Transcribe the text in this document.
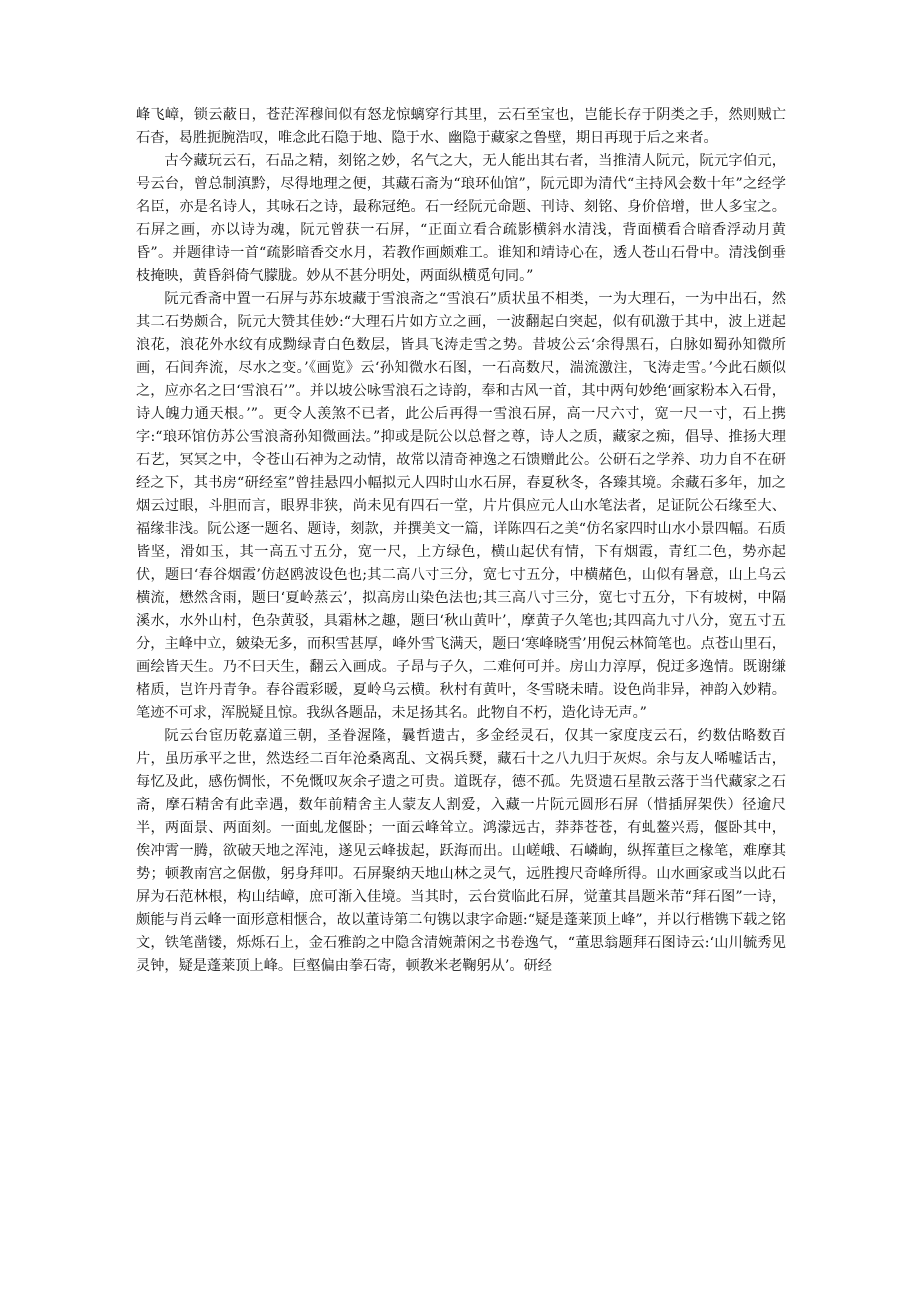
峰飞嶂，锁云蔽日，苍茫浑穆间似有怒龙惊螭穿行其里，云石至宝也，岂能长存于阴类之手，然则贼亡石杳，曷胜扼腕浩叹，唯念此石隐于地、隐于水、幽隐于藏家之鲁壁，期日再现于后之来者。

古今藏玩云石，石品之精，刻铭之妙，名气之大，无人能出其右者，当推清人阮元，阮元字伯元，号云台，曾总制滇黔，尽得地理之便，其藏石斋为“琅环仙馆”，阮元即为清代“主持风会数十年”之经学名臣，亦是名诗人，其咏石之诗，最称冠绝。石一经阮元命题、刊诗、刻铭、身价倍增，世人多宝之。石屏之画，亦以诗为魂，阮元曾获一石屏，“正面立看合疏影横斜水清浅，背面横看合暗香浮动月黄昏”。并题律诗一首“疏影暗香交水月，若教作画颇难工。谁知和靖诗心在，透人苍山石骨中。清浅倒垂枝掩映，黄昏斜倚气朦胧。妙从不甚分明处，两面纵横觅句同。”

阮元香斋中置一石屏与苏东坡藏于雪浪斋之“雪浪石”质状虽不相类，一为大理石，一为中出石，然其二石势颇合，阮元大赞其佳妙:“大理石片如方立之画，一波翻起白突起，似有矶激于其中，波上迸起浪花，浪花外水纹有成黝绿青白色数层，皆具飞涛走雪之势。昔坡公云‘余得黑石，白脉如蜀孙知微所画，石间奔流，尽水之变。’《画览》云‘孙知微水石图，一石高数尺，湍流激注，飞涛走雪。’今此石颇似之，应亦名之曰‘雪浪石’”。并以坡公咏雪浪石之诗韵，奉和古风一首，其中两句妙绝‘画家粉本入石骨，诗人魄力通天根。’”。更令人羡煞不已者，此公后再得一雪浪石屏，高一尺六寸，宽一尺一寸，石上携字:“琅环馆仿苏公雪浪斋孙知微画法。”抑或是阮公以总督之尊，诗人之质，藏家之痴，倡导、推扬大理石艺，冥冥之中，令苍山石神为之动情，故常以清奇神逸之石馈赠此公。公研石之学养、功力自不在研经之下，其书房“研经室”曾挂悬四小幅拟元人四时山水石屏，春夏秋冬，各臻其境。余藏石多年，加之烟云过眼，斗胆而言，眼界非狭，尚未见有四石一堂，片片俱应元人山水笔法者，足证阮公石缘至大、福缘非浅。阮公逐一题名、题诗，刻款，并撰美文一篇，详陈四石之美“仿名家四时山水小景四幅。石质皆坚，滑如玉，其一高五寸五分，宽一尺，上方绿色，横山起伏有情，下有烟霞，青红二色，势亦起伏，题曰‘春谷烟霞’仿赵鸥波设色也;其二高八寸三分，宽七寸五分，中横赭色，山似有暑意，山上乌云横流，懋然含雨，题曰‘夏岭蒸云’，拟高房山染色法也;其三高八寸三分，宽七寸五分，下有坡树，中隔溪水，水外山村，色杂黄驳，具霜林之趣，题曰‘秋山黄叶’，摩黄子久笔也;其四高九寸八分，宽五寸五分，主峰中立，皴染无多，而积雪甚厚，峰外雪飞满天，题曰‘寒峰晓雪’用倪云林简笔也。点苍山里石，画绘皆天生。乃不曰天生，翻云入画成。子昂与子久，二难何可并。房山力淳厚，倪迂多逸情。既谢缣楮质，岂许丹青争。春谷霞彩暖，夏岭乌云横。秋村有黄叶，冬雪晓未晴。设色尚非异，神韵入妙精。笔迹不可求，浑脱疑且惊。我纵各题品，未足扬其名。此物自不朽，造化诗无声。”

阮云台宦历乾嘉道三朝，圣眷渥隆，曩哲遗古，多金经灵石，仅其一家度庋云石，约数估略数百片，虽历承平之世，然迭经二百年沧桑离乱、文祸兵燹，藏石十之八九归于灰烬。余与友人唏嘘话古，每忆及此，感伤惆怅，不免慨叹灰余孑遗之可贵。道既存，德不孤。先贤遗石星散云落于当代藏家之石斋，摩石精舍有此幸遇，数年前精舍主人蒙友人割爱，入藏一片阮元圆形石屏（惜插屏架佚）径逾尺半，两面景、两面刻。一面虬龙偃卧；一面云峰耸立。鸿濛远古，莽莽苍苍，有虬鳌兴焉，偃卧其中，俟冲霄一腾，欲破天地之浑沌，遂见云峰拔起，跃海而出。山嵯峨、石嶙峋，纵挥董巨之椽笔，难摩其势；顿教南宫之倨傲，躬身拜叩。石屏聚纳天地山林之灵气，远胜搜尺奇峰所得。山水画家或当以此石屏为石范林根，构山结嶂，庶可渐入佳境。当其时，云台赏临此石屏，觉董其昌题米芾“拜石图”一诗，颇能与肖云峰一面形意相惬合，故以董诗第二句镌以隶字命题:“疑是蓬莱顶上峰”，并以行楷镌下载之铭文，铁笔凿镂，烁烁石上，金石雅韵之中隐含清婉萧闲之书卷逸气，“董思翁题拜石图诗云:‘山川毓秀见灵钟，疑是蓬莱顶上峰。巨壑偏由拳石寄，顿教米老鞠躬从’。研经
